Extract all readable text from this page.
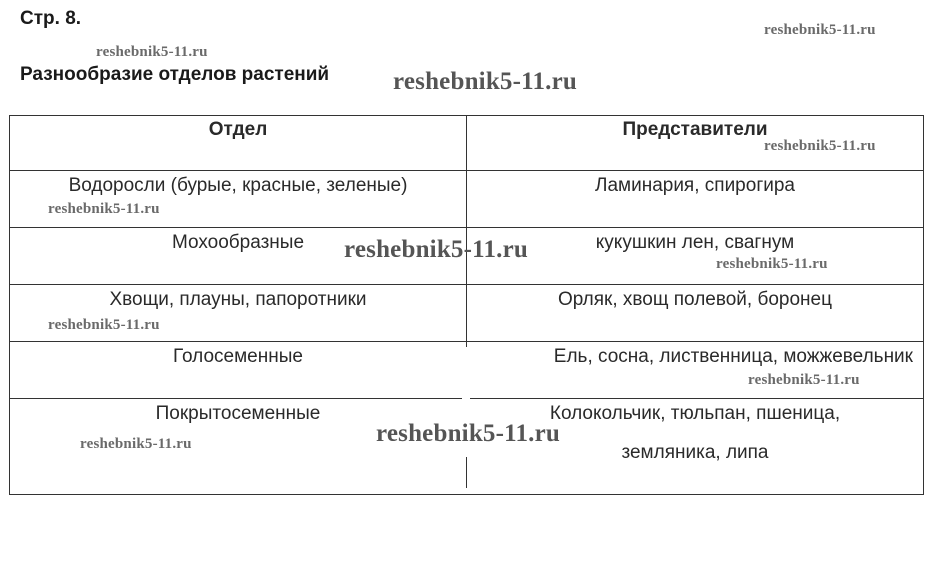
Стр. 8.
Разнообразие отделов растений
Отдел	Представители
Водоросли (бурые, красные, зеленые)	Ламинария, спирогира
Мохообразные	кукушкин лен, свагнум
Хвощи, плауны, папоротники	Орляк, хвощ полевой, боронец
Голосеменные	Ель, сосна, лиственница, можжевельник
Покрытосеменные	Колокольчик, тюльпан, пшеница,
земляника, липа
reshebnik5-11.ru
reshebnik5-11.ru
reshebnik5-11.ru
reshebnik5-11.ru
reshebnik5-11.ru
reshebnik5-11.ru
reshebnik5-11.ru
reshebnik5-11.ru
reshebnik5-11.ru
reshebnik5-11.ru
reshebnik5-11.ru
